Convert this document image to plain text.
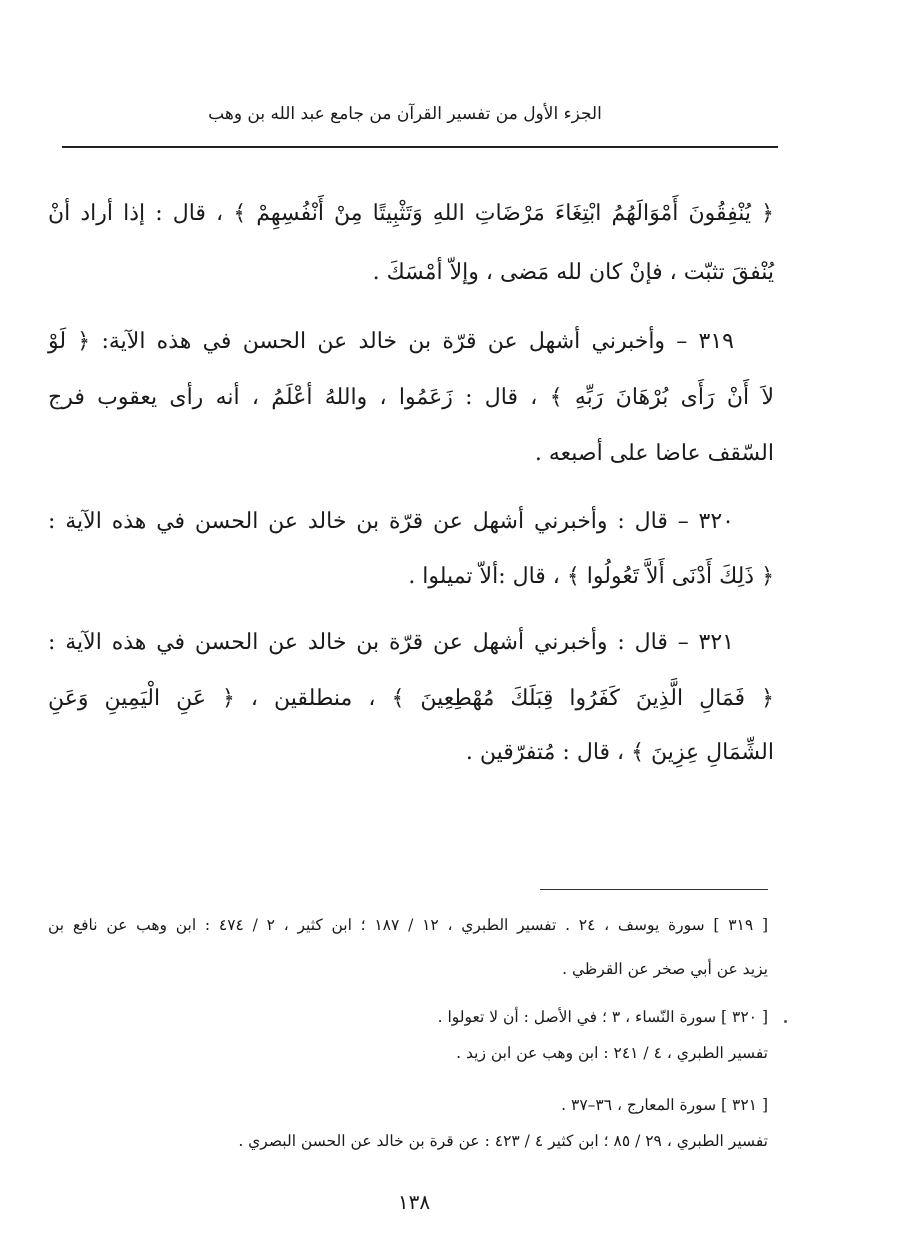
الجزء الأول من تفسير القرآن من جامع عبد الله بن وهب
﴿ يُنْفِقُونَ أَمْوَالَهُمُ ابْتِغَاءَ مَرْضَاتِ اللهِ وَتَثْبِيتًا مِنْ أَنْفُسِهِمْ ﴾ ، قال : إذا أراد أنْ
يُنْفقَ تثبّت ، فإنْ كان لله مَضى ، وإلاّ أمْسَكَ .
٣١٩ – وأخبرني أشهل عن قرّة بن خالد عن الحسن في هذه الآية: ﴿ لَوْ
لاَ أَنْ رَأَى بُرْهَانَ رَبِّهِ ﴾ ، قال : زَعَمُوا ، واللهُ أعْلَمُ ، أنه رأى يعقوب فرج
السّقف عاضا على أصبعه .
٣٢٠ – قال : وأخبرني أشهل عن قرّة بن خالد عن الحسن في هذه الآية :
﴿ ذَلِكَ أَدْنَى أَلاَّ تَعُولُوا ﴾ ، قال :ألاّ تميلوا .
٣٢١ – قال : وأخبرني أشهل عن قرّة بن خالد عن الحسن في هذه الآية :
﴿ فَمَالِ الَّذِينَ كَفَرُوا قِبَلَكَ مُهْطِعِينَ ﴾ ، منطلقين ، ﴿ عَنِ الْيَمِينِ وَعَنِ
الشِّمَالِ عِزِينَ ﴾ ، قال : مُتفرّقين .
[ ٣١٩ ] سورة يوسف ، ٢٤ . تفسير الطبري ، ١٢ / ١٨٧ ؛ ابن كثير ، ٢ / ٤٧٤ : ابن وهب عن نافع بن
يزيد عن أبي صخر عن القرظي .
[ ٣٢٠ ] سورة النّساء ، ٣ ؛ في الأصل : أن لا تعولوا .
تفسير الطبري ، ٤ / ٢٤١ : ابن وهب عن ابن زيد .
[ ٣٢١ ] سورة المعارج ، ٣٦–٣٧ .
تفسير الطبري ، ٢٩ / ٨٥ ؛ ابن كثير ٤ / ٤٢٣ : عن قرة بن خالد عن الحسن البصري .
١٣٨
